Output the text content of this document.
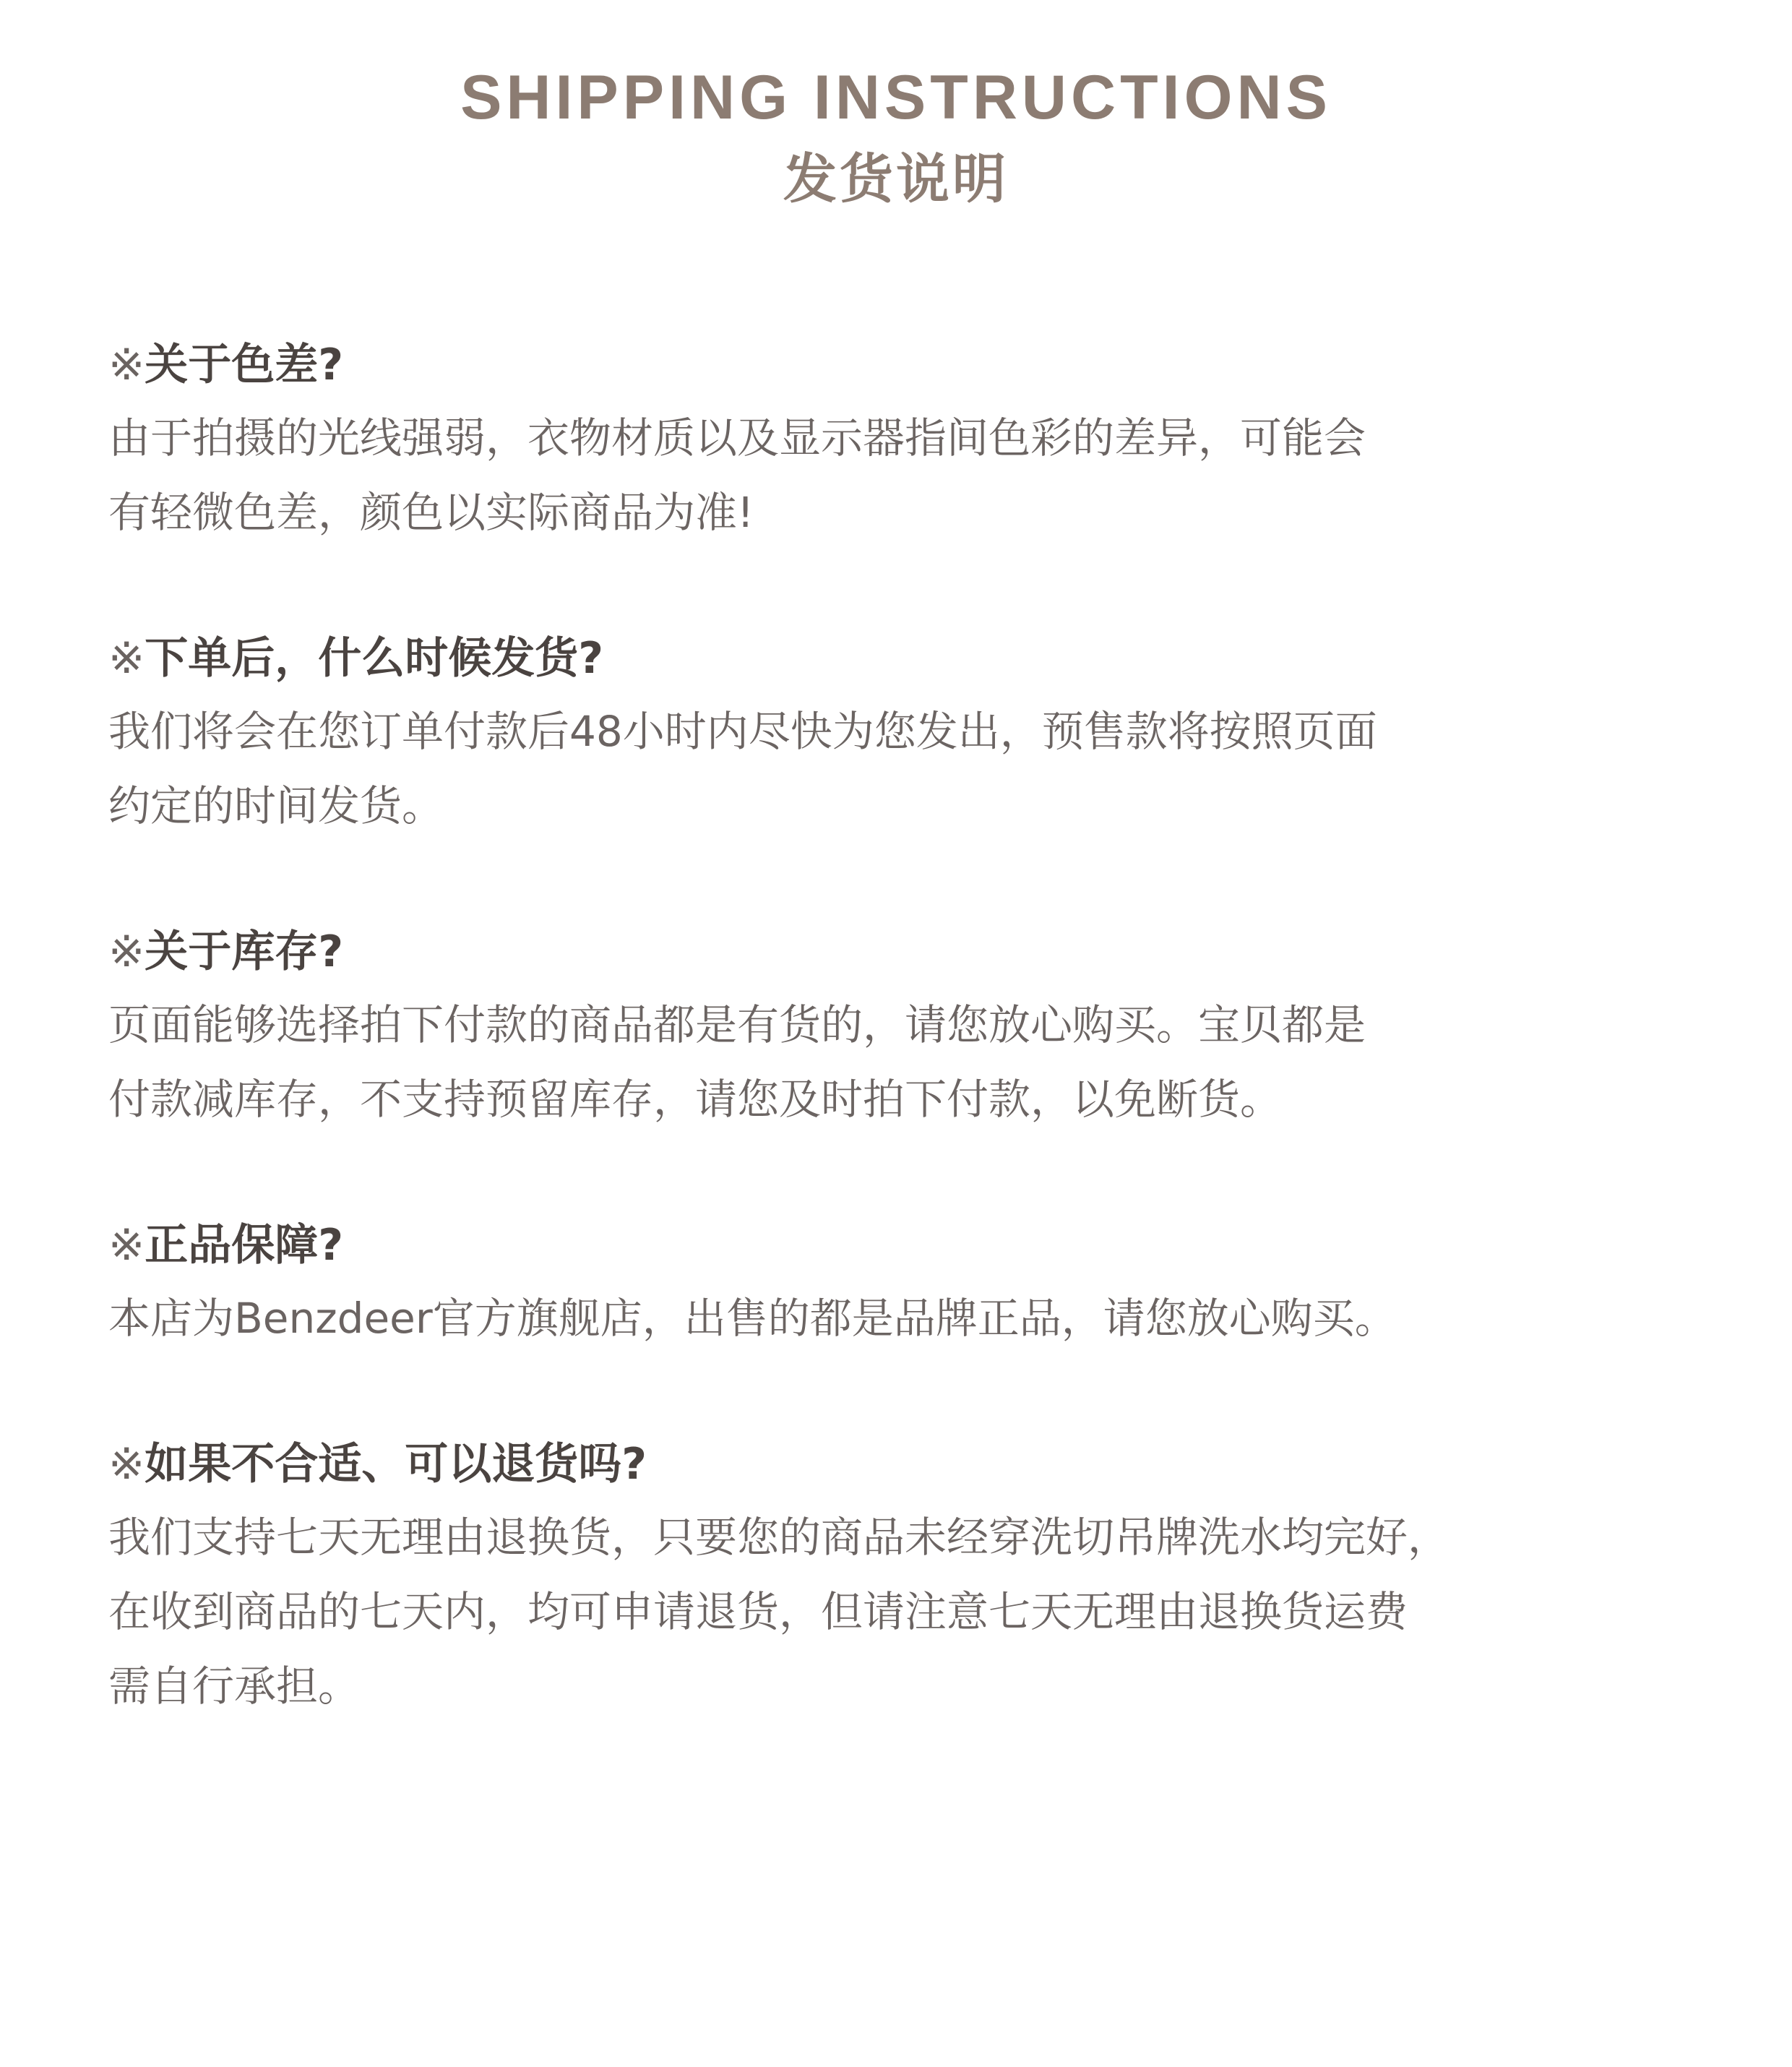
SHIPPING INSTRUCTIONS
发货说明

※关于色差?

由于拍摄的光线强弱，衣物材质以及显示器指间色彩的差异，可能会
有轻微色差，颜色以实际商品为准!

※下单后，什么时候发货?

我们将会在您订单付款后48小时内尽快为您发出，预售款将按照页面
约定的时间发货。

※关于库存?

页面能够选择拍下付款的商品都是有货的，请您放心购买。宝贝都是
付款减库存，不支持预留库存，请您及时拍下付款，以免断货。

※正品保障?

本店为Benzdeer官方旗舰店，出售的都是品牌正品，请您放心购买。

※如果不合适、可以退货吗?

我们支持七天无理由退换货，只要您的商品未经穿洗切吊牌洗水均完好，
在收到商品的七天内，均可申请退货，但请注意七天无理由退换货运费
需自行承担。
